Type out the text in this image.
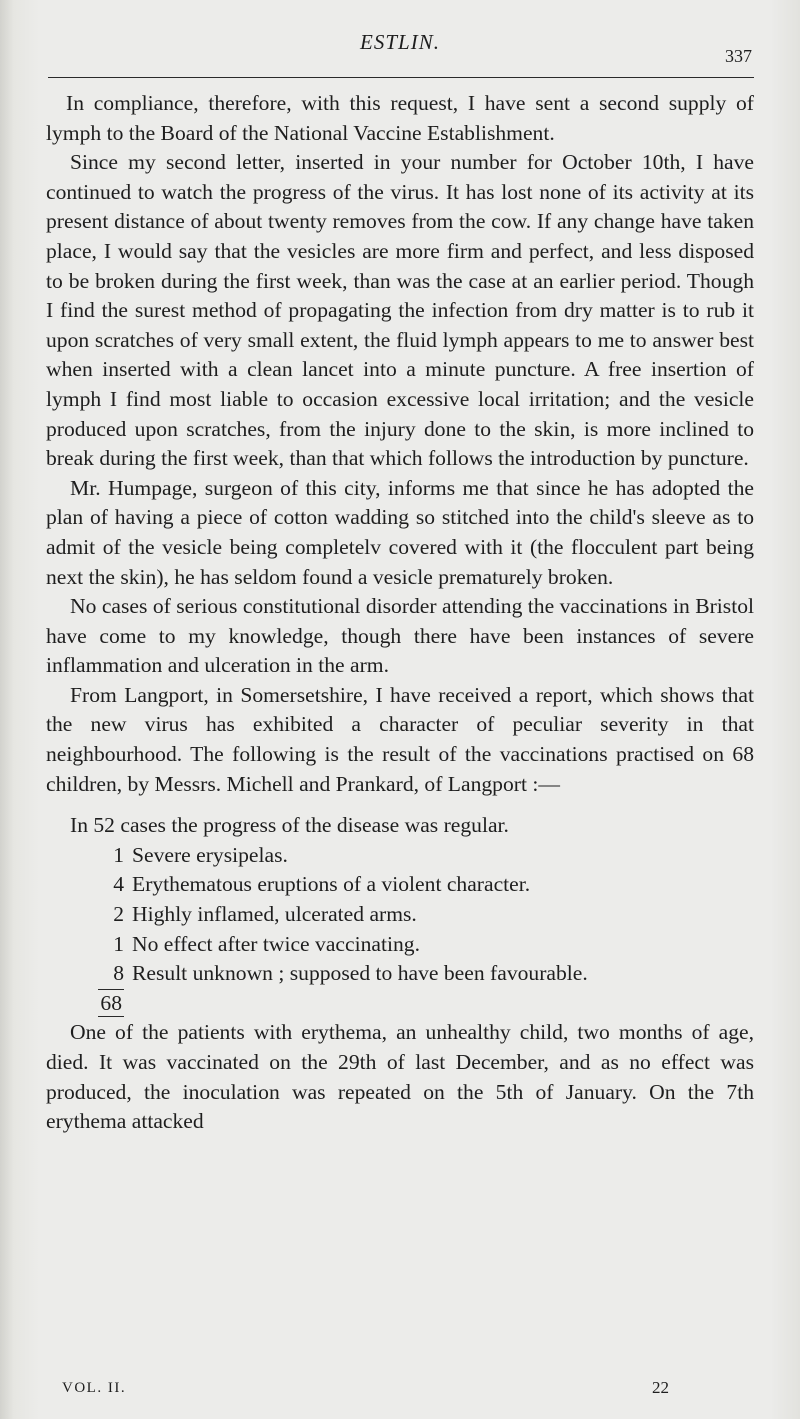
ESTLIN.
337

In compliance, therefore, with this request, I have sent a second supply of lymph to the Board of the National Vaccine Establishment.

Since my second letter, inserted in your number for October 10th, I have continued to watch the progress of the virus. It has lost none of its activity at its present distance of about twenty removes from the cow. If any change have taken place, I would say that the vesicles are more firm and perfect, and less disposed to be broken during the first week, than was the case at an earlier period. Though I find the surest method of propagating the infection from dry matter is to rub it upon scratches of very small extent, the fluid lymph appears to me to answer best when inserted with a clean lancet into a minute puncture. A free insertion of lymph I find most liable to occasion excessive local irritation; and the vesicle produced upon scratches, from the injury done to the skin, is more inclined to break during the first week, than that which follows the introduction by puncture.

Mr. Humpage, surgeon of this city, informs me that since he has adopted the plan of having a piece of cotton wadding so stitched into the child's sleeve as to admit of the vesicle being completelv covered with it (the flocculent part being next the skin), he has seldom found a vesicle prematurely broken.

No cases of serious constitutional disorder attending the vaccinations in Bristol have come to my knowledge, though there have been instances of severe inflammation and ulceration in the arm.

From Langport, in Somersetshire, I have received a report, which shows that the new virus has exhibited a character of peculiar severity in that neighbourhood. The following is the result of the vaccinations practised on 68 children, by Messrs. Michell and Prankard, of Langport :—

In 52 cases the progress of the disease was regular.

1 Severe erysipelas.
4 Erythematous eruptions of a violent character.
2 Highly inflamed, ulcerated arms.
1 No effect after twice vaccinating.
8 Result unknown ; supposed to have been favourable.
68

One of the patients with erythema, an unhealthy child, two months of age, died. It was vaccinated on the 29th of last December, and as no effect was produced, the inoculation was repeated on the 5th of January. On the 7th erythema attacked

VOL. II.	22
